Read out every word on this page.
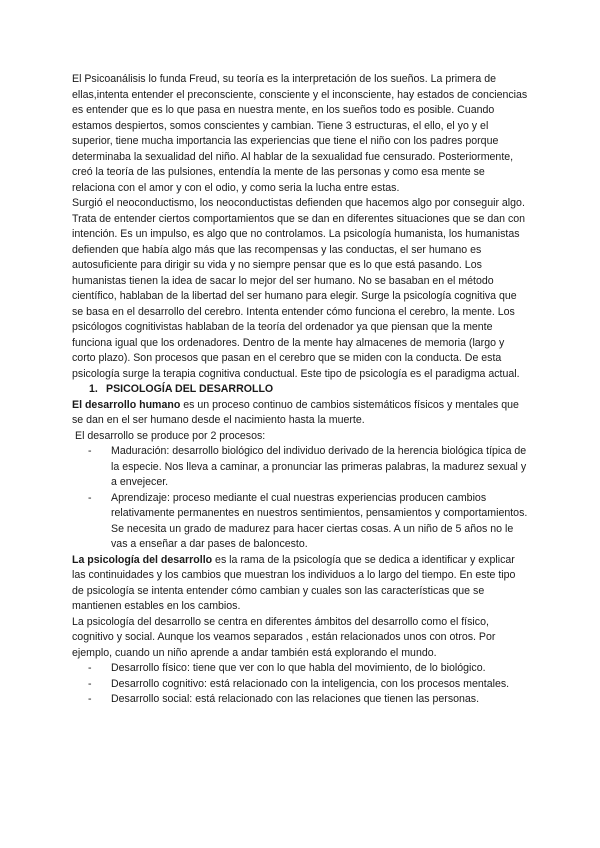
El Psicoanálisis lo funda Freud, su teoría es la interpretación de los sueños. La primera de ellas,intenta entender el preconsciente, consciente y el inconsciente, hay estados de conciencias es entender que es lo que pasa en nuestra mente, en los sueños todo es posible. Cuando estamos despiertos, somos conscientes y cambian. Tiene 3 estructuras, el ello, el yo y el superior, tiene mucha importancia las experiencias que tiene el niño con los padres porque determinaba la sexualidad del niño. Al hablar de la sexualidad fue censurado. Posteriormente, creó la teoría de las pulsiones, entendía la mente de las personas y como esa mente se relaciona con el amor y con el odio, y como seria la lucha entre estas.

Surgió el neoconductismo, los neoconductistas defienden que hacemos algo por conseguir algo. Trata de entender ciertos comportamientos que se dan en diferentes situaciones que se dan con intención. Es un impulso, es algo que no controlamos. La psicología humanista, los humanistas defienden que había algo más que las recompensas y las conductas, el ser humano es autosuficiente para dirigir su vida y no siempre pensar que es lo que está pasando. Los humanistas tienen la idea de sacar lo mejor del ser humano. No se basaban en el método científico, hablaban de la libertad del ser humano para elegir. Surge la psicología cognitiva que se basa en el desarrollo del cerebro. Intenta entender cómo funciona el cerebro, la mente. Los psicólogos cognitivistas hablaban de la teoría del ordenador ya que piensan que la mente funciona igual que los ordenadores. Dentro de la mente hay almacenes de memoria (largo y corto plazo). Son procesos que pasan en el cerebro que se miden con la conducta. De esta psicología surge la terapia cognitiva conductual. Este tipo de psicología es el paradigma actual.

1. PSICOLOGÍA DEL DESARROLLO

El desarrollo humano es un proceso continuo de cambios sistemáticos físicos y mentales que se dan en el ser humano desde el nacimiento hasta la muerte.

El desarrollo se produce por 2 procesos:

- Maduración: desarrollo biológico del individuo derivado de la herencia biológica típica de la especie. Nos lleva a caminar, a pronunciar las primeras palabras, la madurez sexual y a envejecer.
- Aprendizaje: proceso mediante el cual nuestras experiencias producen cambios relativamente permanentes en nuestros sentimientos, pensamientos y comportamientos. Se necesita un grado de madurez para hacer ciertas cosas. A un niño de 5 años no le vas a enseñar a dar pases de baloncesto.

La psicología del desarrollo es la rama de la psicología que se dedica a identificar y explicar las continuidades y los cambios que muestran los individuos a lo largo del tiempo. En este tipo de psicología se intenta entender cómo cambian y cuales son las características que se mantienen estables en los cambios.

La psicología del desarrollo se centra en diferentes ámbitos del desarrollo como el físico, cognitivo y social. Aunque los veamos separados , están relacionados unos con otros. Por ejemplo, cuando un niño aprende a andar también está explorando el mundo.

- Desarrollo físico: tiene que ver con lo que habla del movimiento, de lo biológico.
- Desarrollo cognitivo: está relacionado con la inteligencia, con los procesos mentales.
- Desarrollo social: está relacionado con las relaciones que tienen las personas.
